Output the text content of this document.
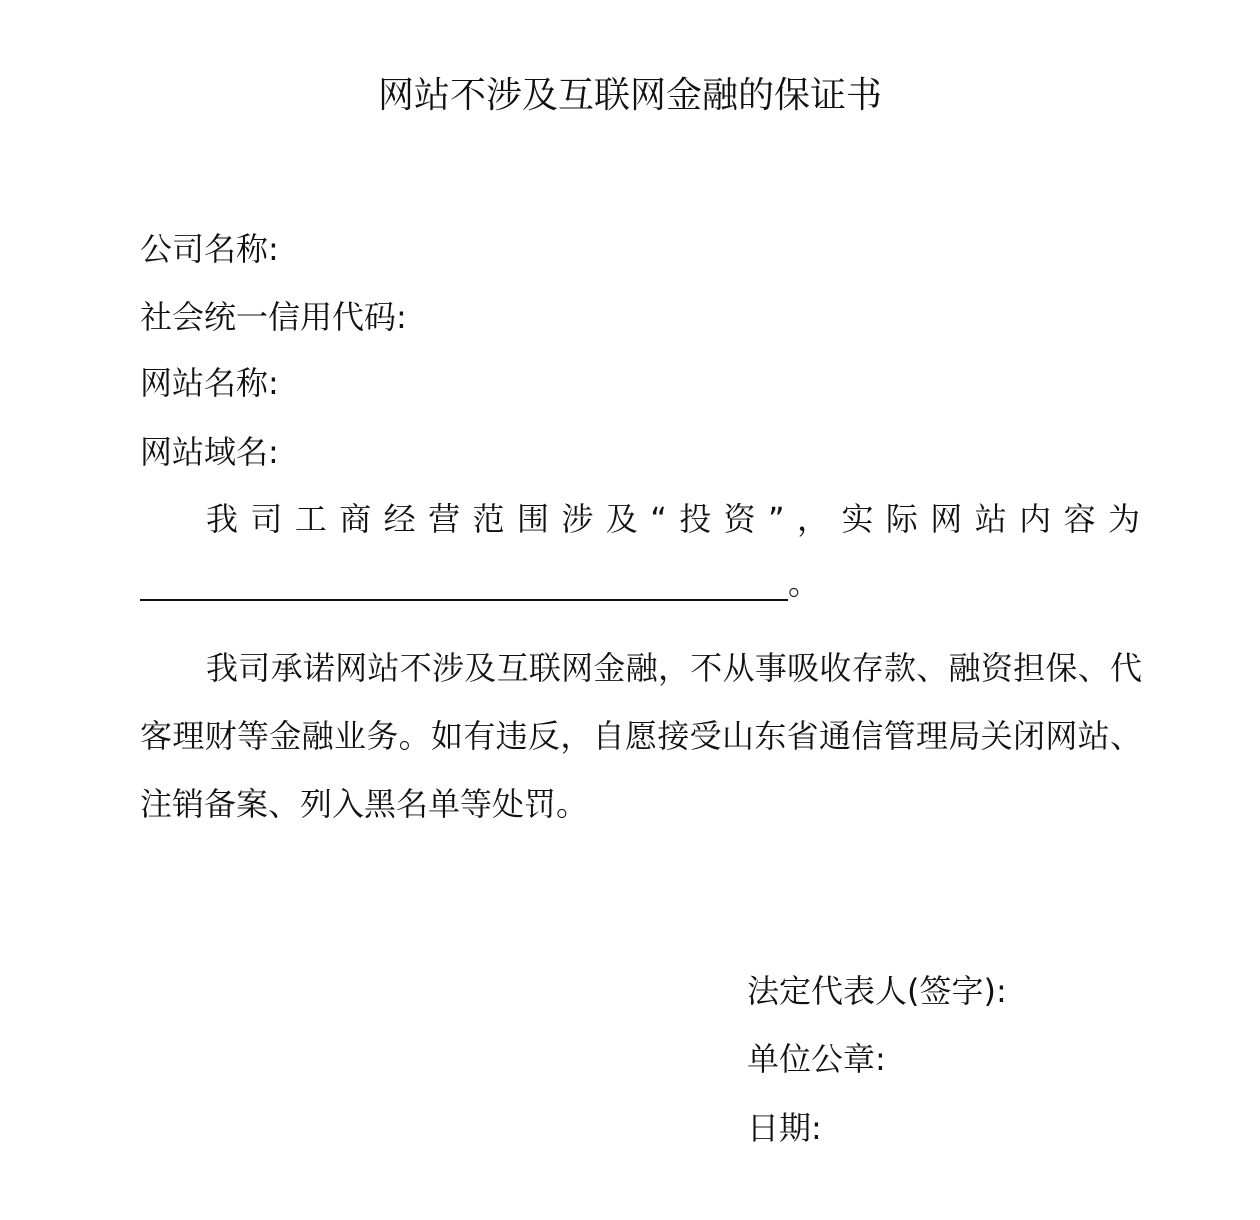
网站不涉及互联网金融的保证书
公司名称:
社会统一信用代码:
网站名称:
网站域名:
我司工商经营范围涉及“投资”，实际网站内容为
。

我司承诺网站不涉及互联网金融，不从事吸收存款、融资担保、代客理财等金融业务。如有违反，自愿接受山东省通信管理局关闭网站、注销备案、列入黑名单等处罚。

法定代表人(签字):
单位公章:
日期:
